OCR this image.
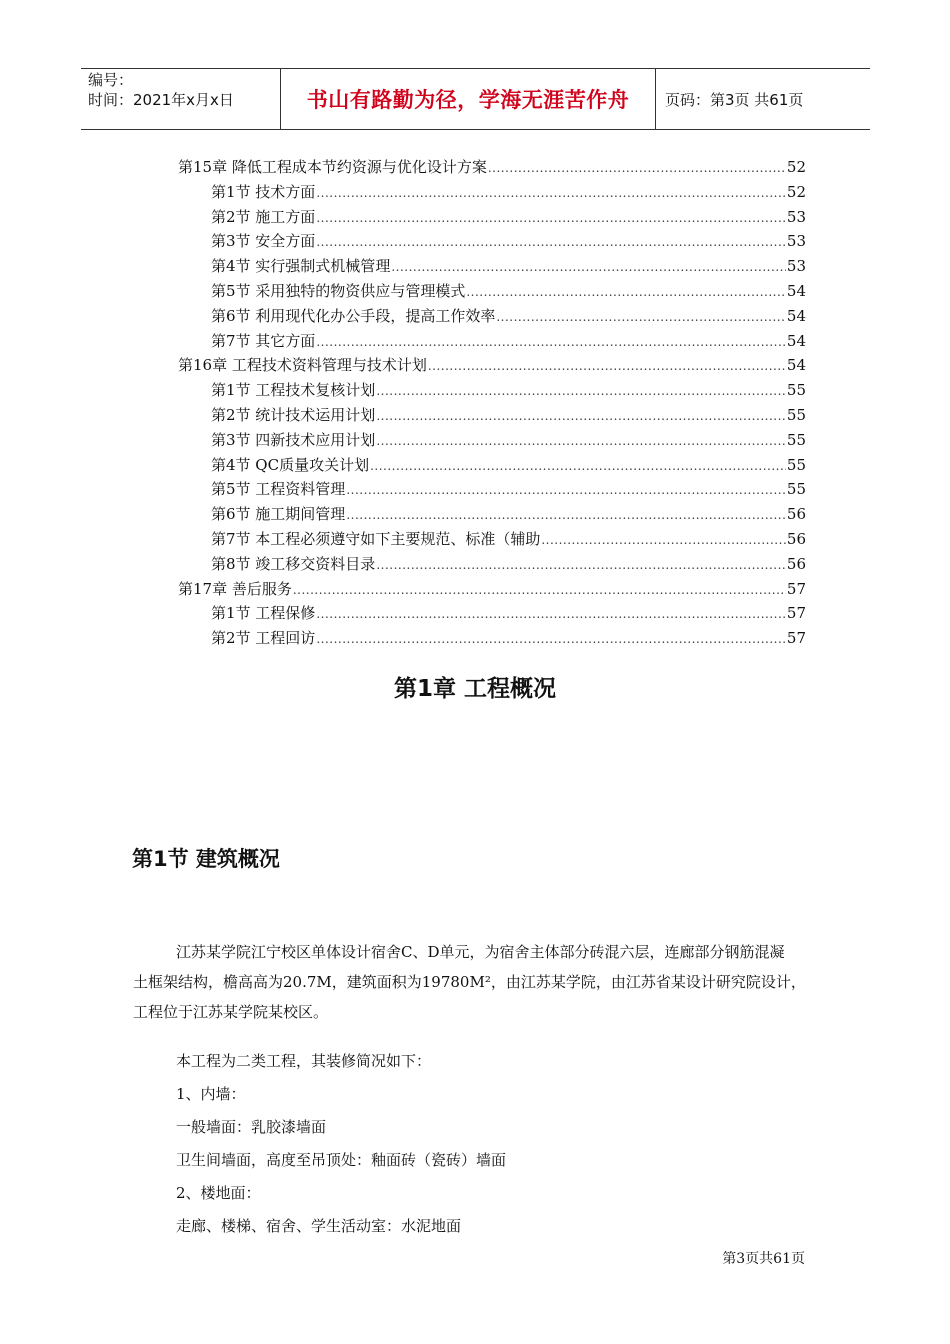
编号：
时间：2021年x月x日	书山有路勤为径，学海无涯苦作舟	页码：第3页 共61页
第15章 降低工程成本节约资源与优化设计方案 .....	52
第1节 技术方面 .....	52
第2节 施工方面 .....	53
第3节 安全方面 .....	53
第4节 实行强制式机械管理 .....	53
第5节 采用独特的物资供应与管理模式 .....	54
第6节 利用现代化办公手段，提高工作效率 .....	54
第7节 其它方面 .....	54
第16章 工程技术资料管理与技术计划 .....	54
第1节 工程技术复核计划 .....	55
第2节 统计技术运用计划 .....	55
第3节 四新技术应用计划 .....	55
第4节 QC质量攻关计划 .....	55
第5节 工程资料管理 .....	55
第6节 施工期间管理 .....	56
第7节 本工程必须遵守如下主要规范、标准（辅助 .....	56
第8节 竣工移交资料目录 .....	56
第17章 善后服务 .....	57
第1节 工程保修 .....	57
第2节 工程回访 .....	57
第1章 工程概况
第1节 建筑概况

江苏某学院江宁校区单体设计宿舍C、D单元，为宿舍主体部分砖混六层，连廊部分钢筋混凝

土框架结构，檐高高为20.7M，建筑面积为19780M²，由江苏某学院，由江苏省某设计研究院设计，

工程位于江苏某学院某校区。

本工程为二类工程，其装修简况如下：

1、内墙：

一般墙面：乳胶漆墙面

卫生间墙面，高度至吊顶处：釉面砖（瓷砖）墙面

2、楼地面：

走廊、楼梯、宿舍、学生活动室：水泥地面

第3页共61页
